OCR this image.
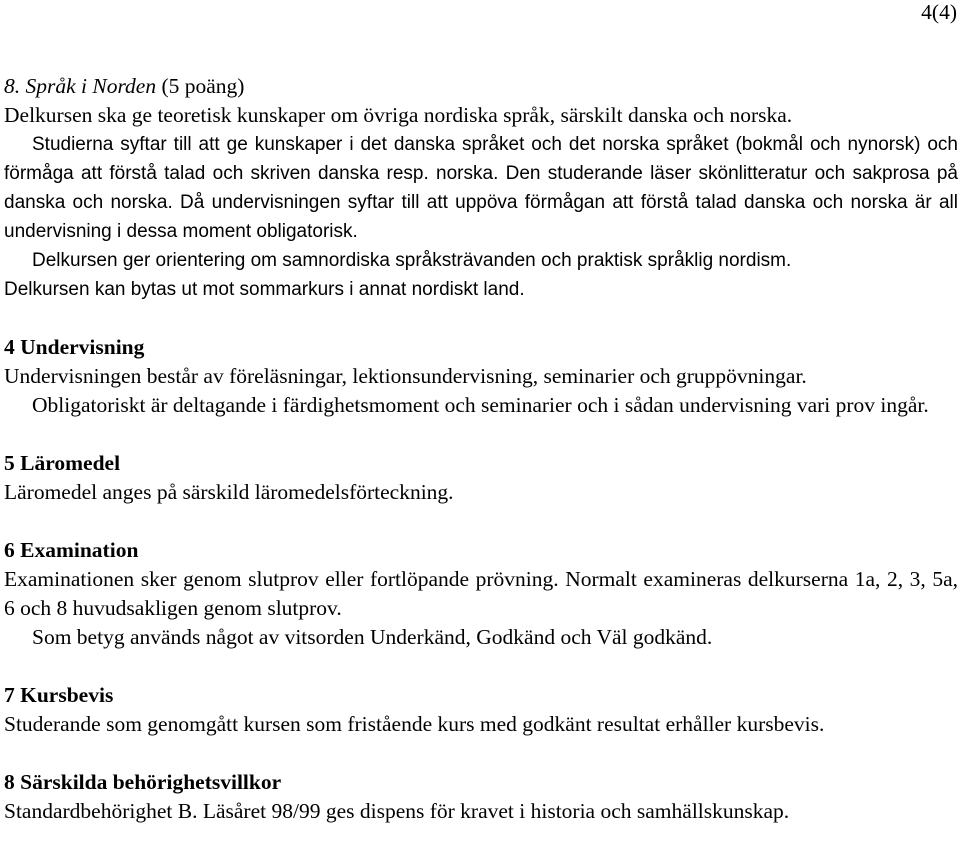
4(4)

8. Språk i Norden (5 poäng)

Delkursen ska ge teoretisk kunskaper om övriga nordiska språk, särskilt danska och norska.

Studierna syftar till att ge kunskaper i det danska språket och det norska språket (bokmål och nynorsk) och förmåga att förstå talad och skriven danska resp. norska. Den studerande läser skönlitteratur och sakprosa på danska och norska. Då undervisningen syftar till att uppöva förmågan att förstå talad danska och norska är all undervisning i dessa moment obligatorisk.

Delkursen ger orientering om samnordiska språksträvanden och praktisk språklig nordism.

Delkursen kan bytas ut mot sommarkurs i annat nordiskt land.

4 Undervisning

Undervisningen består av föreläsningar, lektionsundervisning, seminarier och gruppövningar.

Obligatoriskt är deltagande i färdighetsmoment och seminarier och i sådan undervisning vari prov ingår.

5 Läromedel

Läromedel anges på särskild läromedelsförteckning.

6 Examination

Examinationen sker genom slutprov eller fortlöpande prövning. Normalt examineras delkurserna 1a, 2, 3, 5a, 6 och 8 huvudsakligen genom slutprov.

Som betyg används något av vitsorden Underkänd, Godkänd och Väl godkänd.

7 Kursbevis

Studerande som genomgått kursen som fristående kurs med godkänt resultat erhåller kursbevis.

8 Särskilda behörighetsvillkor

Standardbehörighet B. Läsåret 98/99 ges dispens för kravet i historia och samhällskunskap.
